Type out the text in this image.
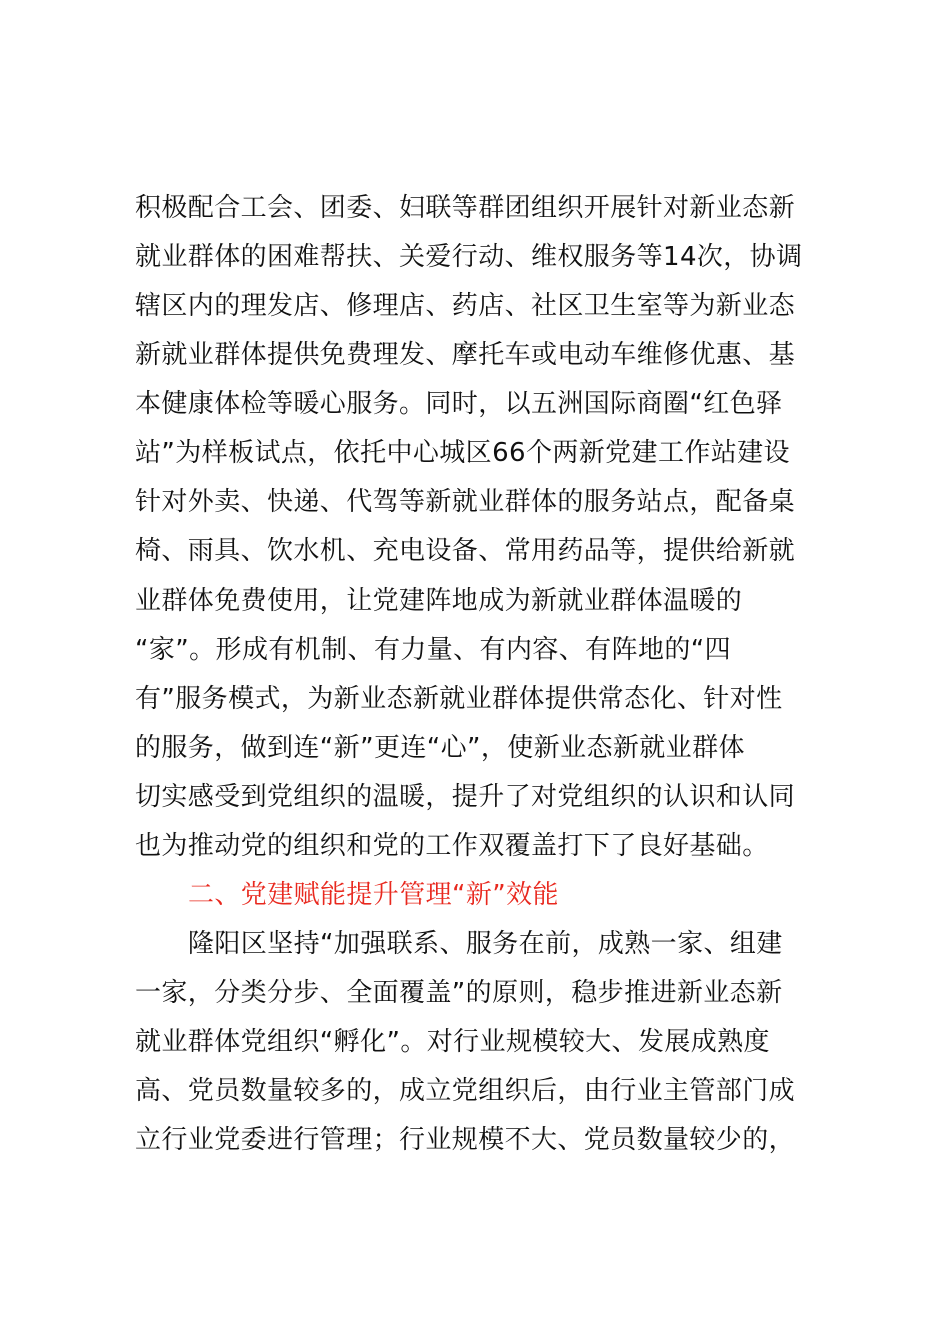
积极配合工会、团委、妇联等群团组织开展针对新业态新
就业群体的困难帮扶、关爱行动、维权服务等14次，协调
辖区内的理发店、修理店、药店、社区卫生室等为新业态
新就业群体提供免费理发、摩托车或电动车维修优惠、基
本健康体检等暖心服务。同时，以五洲国际商圈“红色驿
站”为样板试点，依托中心城区66个两新党建工作站建设
针对外卖、快递、代驾等新就业群体的服务站点，配备桌
椅、雨具、饮水机、充电设备、常用药品等，提供给新就
业群体免费使用，让党建阵地成为新就业群体温暖的
“家”。形成有机制、有力量、有内容、有阵地的“四
有”服务模式，为新业态新就业群体提供常态化、针对性
的服务，做到连“新”更连“心”，使新业态新就业群体
切实感受到党组织的温暖，提升了对党组织的认识和认同
也为推动党的组织和党的工作双覆盖打下了良好基础。
二、党建赋能提升管理“新”效能
隆阳区坚持“加强联系、服务在前，成熟一家、组建
一家，分类分步、全面覆盖”的原则，稳步推进新业态新
就业群体党组织“孵化”。对行业规模较大、发展成熟度
高、党员数量较多的，成立党组织后，由行业主管部门成
立行业党委进行管理；行业规模不大、党员数量较少的，
